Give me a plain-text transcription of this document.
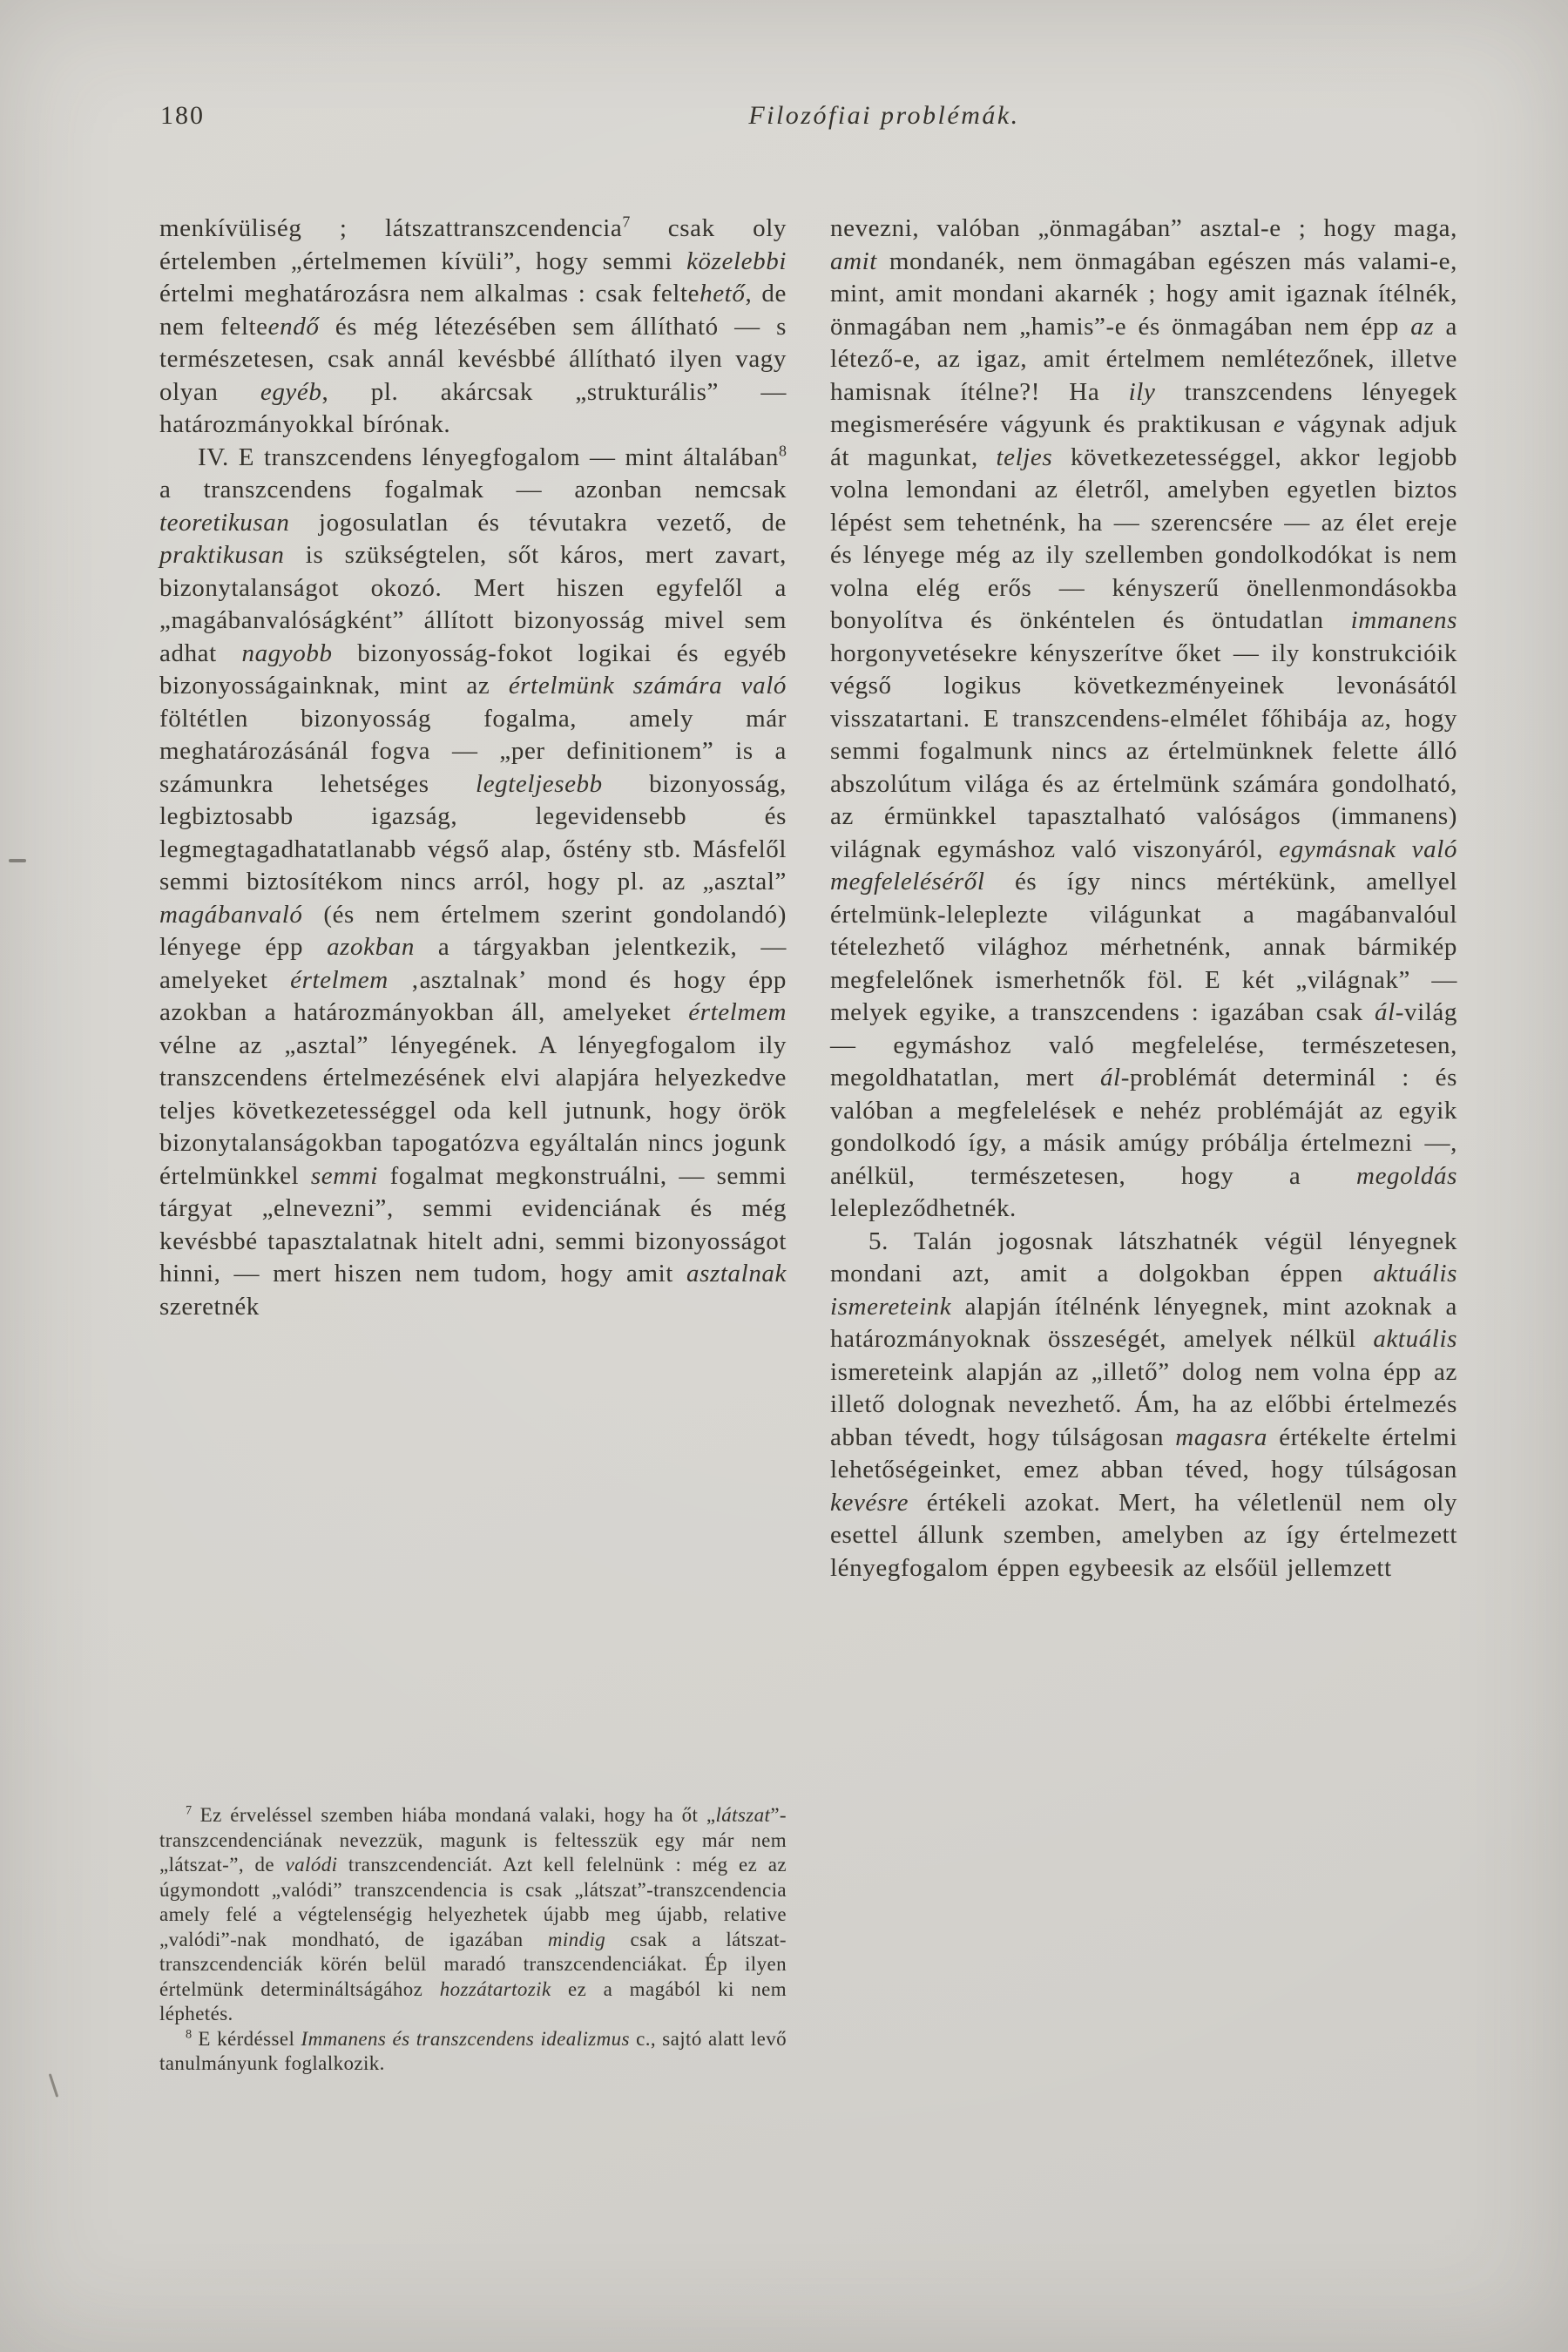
180	Filozófiai problémák.

menkívüliség ; látszattranszcendencia$^7$ csak oly értelemben „értelmemen kívüli”, hogy semmi közelebbi értelmi meghatározásra nem alkalmas : csak feltehető, de nem felteendő és még létezésében sem állítható — s természetesen, csak annál kevésbbé állítható ilyen vagy olyan egyéb, pl. akárcsak „strukturális” — határozmányokkal bírónak.

IV. E transzcendens lényegfogalom — mint általában$^8$ a transzcendens fogalmak — azonban nemcsak teoretikusan jogosulatlan és tévutakra vezető, de praktikusan is szükségtelen, sőt káros, mert zavart, bizonytalanságot okozó. Mert hiszen egyfelől a „magábanvalóságként” állított bizonyosság mivel sem adhat nagyobb bizonyosság-fokot logikai és egyéb bizonyosságainknak, mint az értelmünk számára való föltétlen bizonyosság fogalma, amely már meghatározásánál fogva — „per definitionem” is a számunkra lehetséges legteljesebb bizonyosság, legbiztosabb igazság, legevidensebb és legmegtagadhatatlanabb végső alap, őstény stb. Másfelől semmi biztosítékom nincs arról, hogy pl. az „asztal” magábanvaló (és nem értelmem szerint gondolandó) lényege épp azokban a tárgyakban jelentkezik, — amelyeket értelmem ‚asztalnak’ mond és hogy épp azokban a határozmányokban áll, amelyeket értelmem vélne az „asztal” lényegének. A lényegfogalom ily transzcendens értelmezésének elvi alapjára helyezkedve teljes következetességgel oda kell jutnunk, hogy örök bizonytalanságokban tapogatózva egyáltalán nincs jogunk értelmünkkel semmi fogalmat megkonstruálni, — semmi tárgyat „elnevezni”, semmi evidenciának és még kevésbbé tapasztalatnak hitelt adni, semmi bizonyosságot hinni, — mert hiszen nem tudom, hogy amit asztalnak szeretnék

$^7$ Ez érveléssel szemben hiába mondaná valaki, hogy ha őt „látszat”-transzcendenciának nevezzük, magunk is feltesszük egy már nem „látszat-”, de valódi transzcendenciát. Azt kell felelnünk : még ez az úgymondott „valódi” transzcendencia is csak „látszat”-transzcendencia amely felé a végtelenségig helyezhetek újabb meg újabb, relative „valódi”-nak mondható, de igazában mindig csak a látszat-transzcendenciák körén belül maradó transzcendenciákat. Ép ilyen értelmünk determináltságához hozzátartozik ez a magából ki nem léphetés.

$^8$ E kérdéssel Immanens és transzcendens idealizmus c., sajtó alatt levő tanulmányunk foglalkozik.

nevezni, valóban „önmagában” asztal-e ; hogy maga, amit mondanék, nem önmagában egészen más valami-e, mint, amit mondani akarnék ; hogy amit igaznak ítélnék, önmagában nem „hamis”-e és önmagában nem épp az a létező-e, az igaz, amit értelmem nemlétezőnek, illetve hamisnak ítélne?! Ha ily transzcendens lényegek megismerésére vágyunk és praktikusan e vágynak adjuk át magunkat, teljes következetességgel, akkor legjobb volna lemondani az életről, amelyben egyetlen biztos lépést sem tehetnénk, ha — szerencsére — az élet ereje és lényege még az ily szellemben gondolkodókat is nem volna elég erős — kényszerű önellenmondásokba bonyolítva és önkéntelen és öntudatlan immanens horgonyvetésekre kényszerítve őket — ily konstrukcióik végső logikus következményeinek levonásától visszatartani. E transzcendens-elmélet főhibája az, hogy semmi fogalmunk nincs az értelmünknek felette álló abszolútum világa és az értelmünk számára gondolható, az érmünkkel tapasztalható valóságos (immanens) világnak egymáshoz való viszonyáról, egymásnak való megfeleléséről és így nincs mértékünk, amellyel értelmünk-leleplezte világunkat a magábanvalóul tételezhető világhoz mérhetnénk, annak bármikép megfelelőnek ismerhetnők föl. E két „világnak” — melyek egyike, a transzcendens : igazában csak ál-világ — egymáshoz való megfelelése, természetesen, megoldhatatlan, mert ál-problémát determinál : és valóban a megfelelések e nehéz problémáját az egyik gondolkodó így, a másik amúgy próbálja értelmezni —, anélkül, természetesen, hogy a megoldás lelepleződhetnék.

5. Talán jogosnak látszhatnék végül lényegnek mondani azt, amit a dolgokban éppen aktuális ismereteink alapján ítélnénk lényegnek, mint azoknak a határozmányoknak összeségét, amelyek nélkül aktuális ismereteink alapján az „illető” dolog nem volna épp az illető dolognak nevezhető. Ám, ha az előbbi értelmezés abban tévedt, hogy túlságosan magasra értékelte értelmi lehetőségeinket, emez abban téved, hogy túlságosan kevésre értékeli azokat. Mert, ha véletlenül nem oly esettel állunk szemben, amelyben az így értelmezett lényegfogalom éppen egybeesik az elsőül jellemzett
